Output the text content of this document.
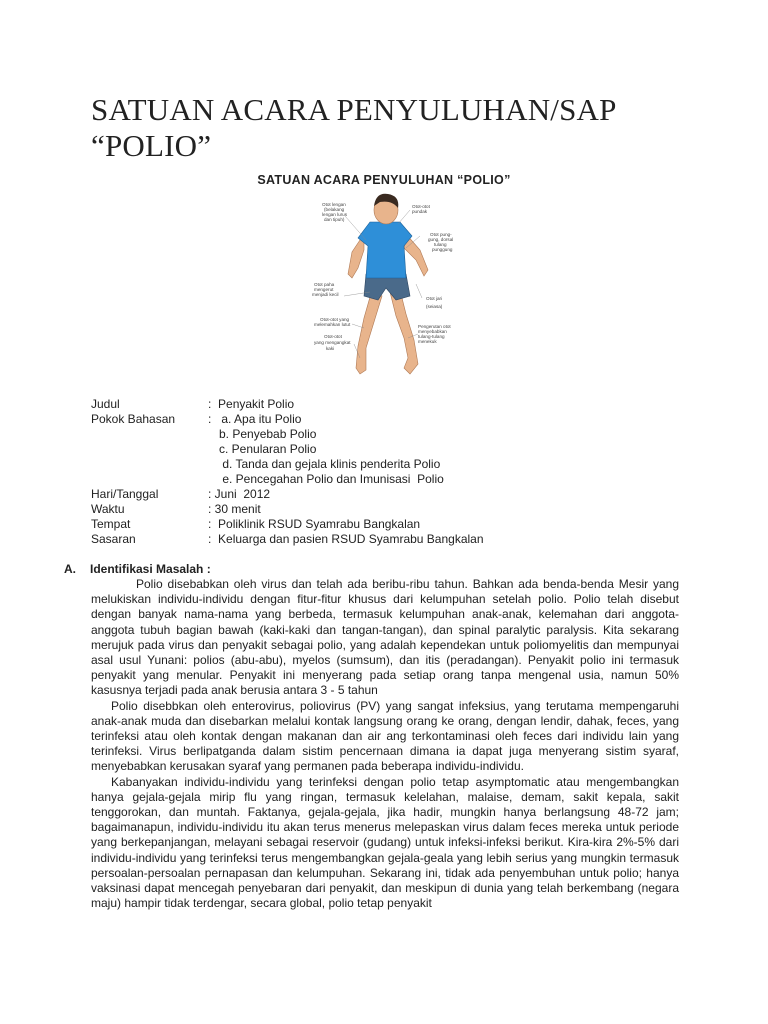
SATUAN ACARA PENYULUHAN/SAP
“POLIO”
SATUAN ACARA PENYULUHAN “POLIO”
Otot lengan (belakang lengan lurus dan tipuh)
Otot-otot pundak
Otot pung- gung, dorsal tulang punggung
Otot paha mengerut menjadi kecil
Otot jari (seiasa)
Otot-otot yang melemahkan lutut
Otot-otot yang mengangkat kaki
Pengerutan otot menyebabkan tulang-tulang menekuk
Judul	: Penyakit Polio
Pokok Bahasan	: a. Apa itu Polio
b. Penyebab Polio
c. Penularan Polio
d. Tanda dan gejala klinis penderita Polio
e. Pencegahan Polio dan Imunisasi  Polio
Hari/Tanggal	: Juni  2012
Waktu	: 30 menit
Tempat	: Poliklinik RSUD Syamrabu Bangkalan
Sasaran	: Keluarga dan pasien RSUD Syamrabu Bangkalan
A. Identifikasi Masalah :

Polio disebabkan oleh virus dan telah ada beribu-ribu tahun. Bahkan ada benda-benda Mesir yang melukiskan individu-individu dengan fitur-fitur khusus dari kelumpuhan setelah polio. Polio telah disebut dengan banyak nama-nama yang berbeda, termasuk kelumpuhan anak-anak, kelemahan dari anggota-anggota tubuh bagian bawah (kaki-kaki dan tangan-tangan), dan spinal paralytic paralysis. Kita sekarang merujuk pada virus dan penyakit sebagai polio, yang adalah kependekan untuk poliomyelitis dan mempunyai asal usul Yunani: polios (abu-abu), myelos (sumsum), dan itis (peradangan). Penyakit polio ini termasuk penyakit yang menular. Penyakit ini menyerang pada setiap orang tanpa mengenal usia, namun 50% kasusnya terjadi pada anak berusia antara 3 - 5 tahun

Polio disebbkan oleh enterovirus, poliovirus (PV) yang sangat infeksius, yang terutama mempengaruhi anak-anak muda dan disebarkan melalui kontak langsung orang ke orang, dengan lendir, dahak, feces, yang terinfeksi atau oleh kontak dengan makanan dan air ang terkontaminasi oleh feces dari individu lain yang terinfeksi. Virus berlipatganda dalam sistim pencernaan dimana ia dapat juga menyerang sistim syaraf, menyebabkan kerusakan syaraf yang permanen pada beberapa individu-individu.

Kabanyakan individu-individu yang terinfeksi dengan polio tetap asymptomatic atau mengembangkan hanya gejala-gejala mirip flu yang ringan, termasuk kelelahan, malaise, demam, sakit kepala, sakit tenggorokan, dan muntah. Faktanya, gejala-gejala, jika hadir, mungkin hanya berlangsung 48-72 jam; bagaimanapun, individu-individu itu akan terus menerus melepaskan virus dalam feces mereka untuk periode yang berkepanjangan, melayani sebagai reservoir (gudang) untuk infeksi-infeksi berikut. Kira-kira 2%-5% dari individu-individu yang terinfeksi terus mengembangkan gejala-geala yang lebih serius yang mungkin termasuk persoalan-persoalan pernapasan dan kelumpuhan. Sekarang ini, tidak ada penyembuhan untuk polio; hanya vaksinasi dapat mencegah penyebaran dari penyakit, dan meskipun di dunia yang telah berkembang (negara maju) hampir tidak terdengar, secara global, polio tetap penyakit
